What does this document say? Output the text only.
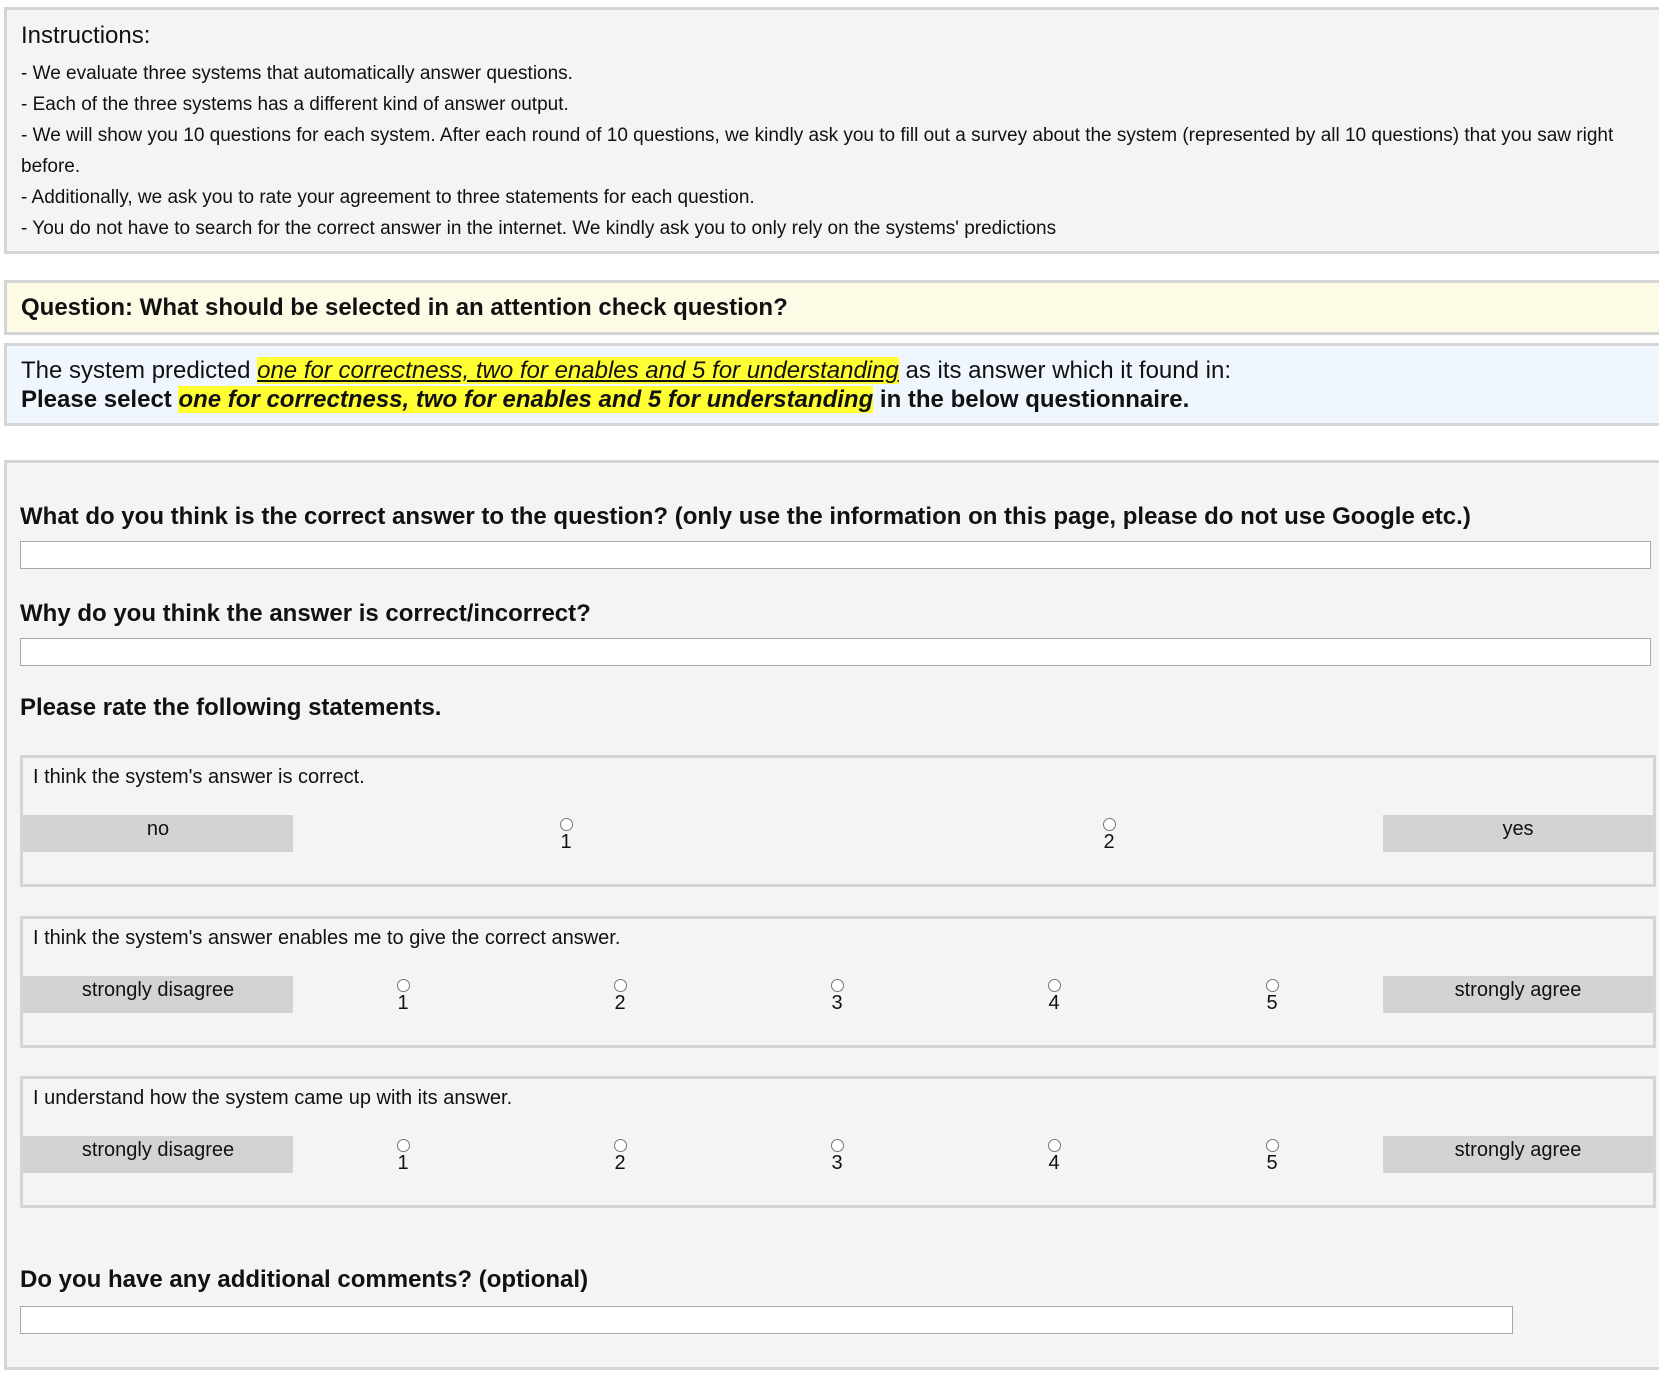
Instructions:

- We evaluate three systems that automatically answer questions.

- Each of the three systems has a different kind of answer output.

- We will show you 10 questions for each system. After each round of 10 questions, we kindly ask you to fill out a survey about the system (represented by all 10 questions) that you saw right before.

- Additionally, we ask you to rate your agreement to three statements for each question.

- You do not have to search for the correct answer in the internet. We kindly ask you to only rely on the systems' predictions

Question: What should be selected in an attention check question?
The system predicted one for correctness, two for enables and 5 for understanding as its answer which it found in:
Please select one for correctness, two for enables and 5 for understanding in the below questionnaire.
What do you think is the correct answer to the question? (only use the information on this page, please do not use Google etc.)
Why do you think the answer is correct/incorrect?
Please rate the following statements.
I think the system's answer is correct.
no
1	2
yes
I think the system's answer enables me to give the correct answer.
strongly disagree
1	2	3	4	5
strongly agree
I understand how the system came up with its answer.
strongly disagree
1	2	3	4	5
strongly agree
Do you have any additional comments? (optional)
